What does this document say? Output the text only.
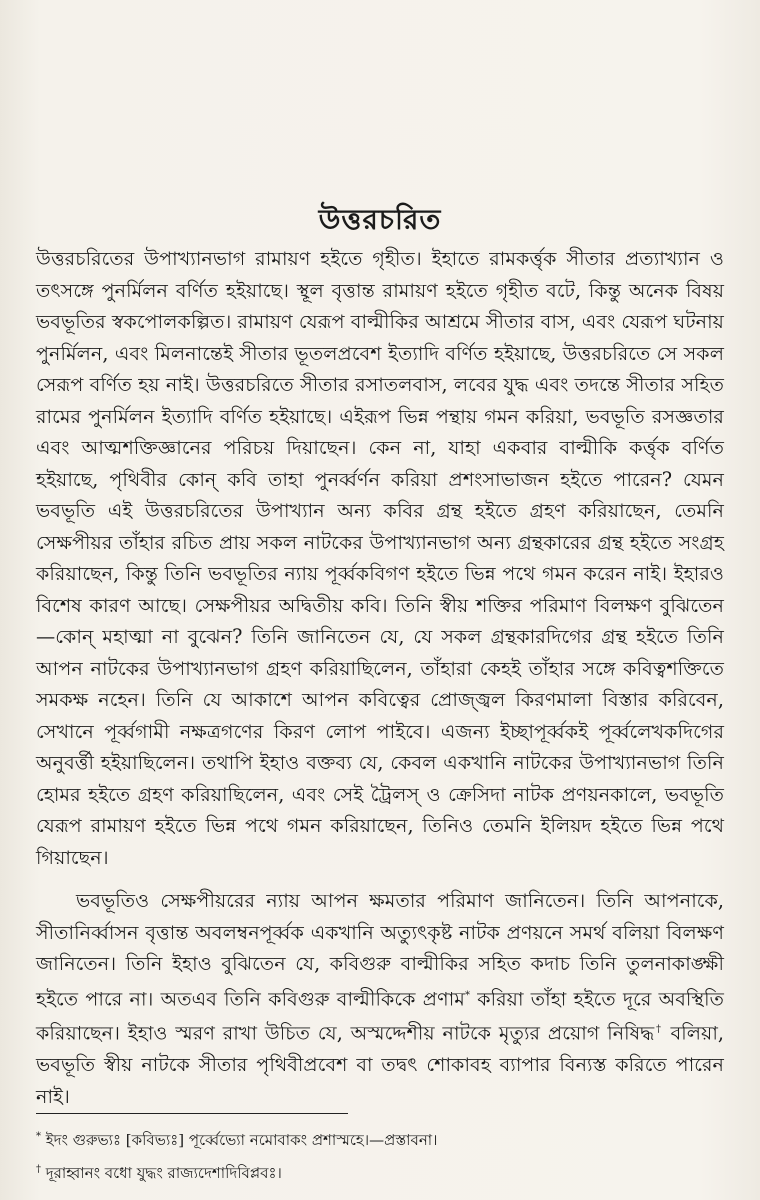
উত্তরচরিত

উত্তরচরিতের উপাখ্যানভাগ রামায়ণ হইতে গৃহীত। ইহাতে রামকর্ত্তৃক সীতার প্রত্যাখ্যান ও তৎসঙ্গে পুনর্মিলন বর্ণিত হইয়াছে। স্থূল বৃত্তান্ত রামায়ণ হইতে গৃহীত বটে, কিন্তু অনেক বিষয় ভবভূতির স্বকপোলকল্পিত। রামায়ণ যেরূপ বাল্মীকির আশ্রমে সীতার বাস, এবং যেরূপ ঘটনায় পুনর্মিলন, এবং মিলনান্তেই সীতার ভূতলপ্রবেশ ইত্যাদি বর্ণিত হইয়াছে, উত্তরচরিতে সে সকল সেরূপ বর্ণিত হয় নাই। উত্তরচরিতে সীতার রসাতলবাস, লবের যুদ্ধ এবং তদন্তে সীতার সহিত রামের পুনর্মিলন ইত্যাদি বর্ণিত হইয়াছে। এইরূপ ভিন্ন পন্থায় গমন করিয়া, ভবভূতি রসজ্ঞতার এবং আত্মশক্তিজ্ঞানের পরিচয় দিয়াছেন। কেন না, যাহা একবার বাল্মীকি কর্ত্তৃক বর্ণিত হইয়াছে, পৃথিবীর কোন্ কবি তাহা পুনর্ব্বর্ণন করিয়া প্রশংসাভাজন হইতে পারেন? যেমন ভবভূতি এই উত্তরচরিতের উপাখ্যান অন্য কবির গ্রন্থ হইতে গ্রহণ করিয়াছেন, তেমনি সেক্ষপীয়র তাঁহার রচিত প্রায় সকল নাটকের উপাখ্যানভাগ অন্য গ্রন্থকারের গ্রন্থ হইতে সংগ্রহ করিয়াছেন, কিন্তু তিনি ভবভূতির ন্যায় পূর্ব্বকবিগণ হইতে ভিন্ন পথে গমন করেন নাই। ইহারও বিশেষ কারণ আছে। সেক্ষপীয়র অদ্বিতীয় কবি। তিনি স্বীয় শক্তির পরিমাণ বিলক্ষণ বুঝিতেন—কোন্ মহাত্মা না বুঝেন? তিনি জানিতেন যে, যে সকল গ্রন্থকারদিগের গ্রন্থ হইতে তিনি আপন নাটকের উপাখ্যানভাগ গ্রহণ করিয়াছিলেন, তাঁহারা কেহই তাঁহার সঙ্গে কবিত্বশক্তিতে সমকক্ষ নহেন। তিনি যে আকাশে আপন কবিত্বের প্রোজ্জ্বল কিরণমালা বিস্তার করিবেন, সেখানে পূর্ব্বগামী নক্ষত্রগণের কিরণ লোপ পাইবে। এজন্য ইচ্ছাপূর্ব্বকই পূর্ব্বলেখকদিগের অনুবর্ত্তী হইয়াছিলেন। তথাপি ইহাও বক্তব্য যে, কেবল একখানি নাটকের উপাখ্যানভাগ তিনি হোমর হইতে গ্রহণ করিয়াছিলেন, এবং সেই ট্রৈলস্ ও ক্রেসিদা নাটক প্রণয়নকালে, ভবভূতি যেরূপ রামায়ণ হইতে ভিন্ন পথে গমন করিয়াছেন, তিনিও তেমনি ইলিয়দ হইতে ভিন্ন পথে গিয়াছেন।

ভবভূতিও সেক্ষপীয়রের ন্যায় আপন ক্ষমতার পরিমাণ জানিতেন। তিনি আপনাকে, সীতানির্ব্বাসন বৃত্তান্ত অবলম্বনপূর্ব্বক একখানি অত্যুৎকৃষ্ট নাটক প্রণয়নে সমর্থ বলিয়া বিলক্ষণ জানিতেন। তিনি ইহাও বুঝিতেন যে, কবিগুরু বাল্মীকির সহিত কদাচ তিনি তুলনাকাঙ্ক্ষী হইতে পারে না। অতএব তিনি কবিগুরু বাল্মীকিকে প্রণাম* করিয়া তাঁহা হইতে দূরে অবস্থিতি করিয়াছেন। ইহাও স্মরণ রাখা উচিত যে, অস্মদ্দেশীয় নাটকে মৃত্যুর প্রয়োগ নিষিদ্ধ† বলিয়া, ভবভূতি স্বীয় নাটকে সীতার পৃথিবীপ্রবেশ বা তদ্বৎ শোকাবহ ব্যাপার বিন্যস্ত করিতে পারেন নাই।

* ইদং গুরুভ্যঃ [কবিভ্যঃ] পূর্ব্বেভ্যো নমোবাকং প্রশাস্মহে।—প্রস্তাবনা।
† দূরাহ্বানং বধো যুদ্ধং রাজ্যদেশাদিবিপ্লবঃ।
